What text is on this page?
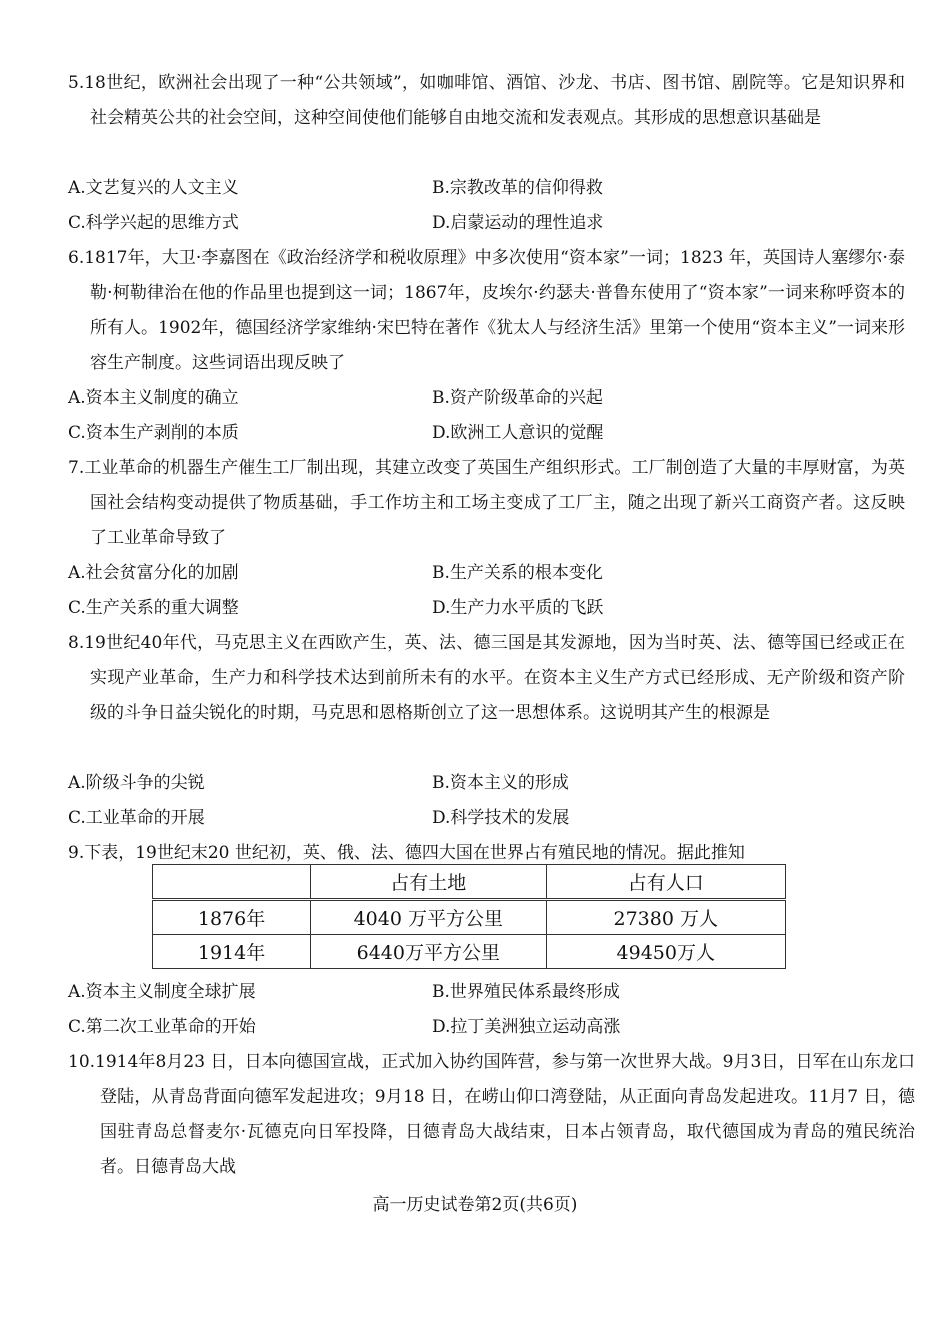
5.18世纪，欧洲社会出现了一种“公共领域”，如咖啡馆、酒馆、沙龙、书店、图书馆、剧院等。它是知识界和社会精英公共的社会空间，这种空间使他们能够自由地交流和发表观点。其形成的思想意识基础是
A.文艺复兴的人文主义	B.宗教改革的信仰得救
C.科学兴起的思维方式	D.启蒙运动的理性追求
6.1817年，大卫·李嘉图在《政治经济学和税收原理》中多次使用“资本家”一词；1823 年，英国诗人塞缪尔·泰勒·柯勒律治在他的作品里也提到这一词；1867年，皮埃尔·约瑟夫·普鲁东使用了“资本家”一词来称呼资本的所有人。1902年，德国经济学家维纳·宋巴特在著作《犹太人与经济生活》里第一个使用“资本主义”一词来形容生产制度。这些词语出现反映了
A.资本主义制度的确立	B.资产阶级革命的兴起
C.资本生产剥削的本质	D.欧洲工人意识的觉醒
7.工业革命的机器生产催生工厂制出现，其建立改变了英国生产组织形式。工厂制创造了大量的丰厚财富，为英国社会结构变动提供了物质基础，手工作坊主和工场主变成了工厂主，随之出现了新兴工商资产者。这反映了工业革命导致了
A.社会贫富分化的加剧	B.生产关系的根本变化
C.生产关系的重大调整	D.生产力水平质的飞跃
8.19世纪40年代，马克思主义在西欧产生，英、法、德三国是其发源地，因为当时英、法、德等国已经或正在实现产业革命，生产力和科学技术达到前所未有的水平。在资本主义生产方式已经形成、无产阶级和资产阶级的斗争日益尖锐化的时期，马克思和恩格斯创立了这一思想体系。这说明其产生的根源是
A.阶级斗争的尖锐	B.资本主义的形成
C.工业革命的开展	D.科学技术的发展
9.下表，19世纪末20 世纪初，英、俄、法、德四大国在世界占有殖民地的情况。据此推知
	占有土地	占有人口
1876年	4040 万平方公里	27380 万人
1914年	6440万平方公里	49450万人
A.资本主义制度全球扩展	B.世界殖民体系最终形成
C.第二次工业革命的开始	D.拉丁美洲独立运动高涨
10.1914年8月23 日，日本向德国宣战，正式加入协约国阵营，参与第一次世界大战。9月3日，日军在山东龙口登陆，从青岛背面向德军发起进攻；9月18 日，在崂山仰口湾登陆，从正面向青岛发起进攻。11月7 日，德国驻青岛总督麦尔·瓦德克向日军投降，日德青岛大战结束，日本占领青岛，取代德国成为青岛的殖民统治者。日德青岛大战
高一历史试卷第2页(共6页)
